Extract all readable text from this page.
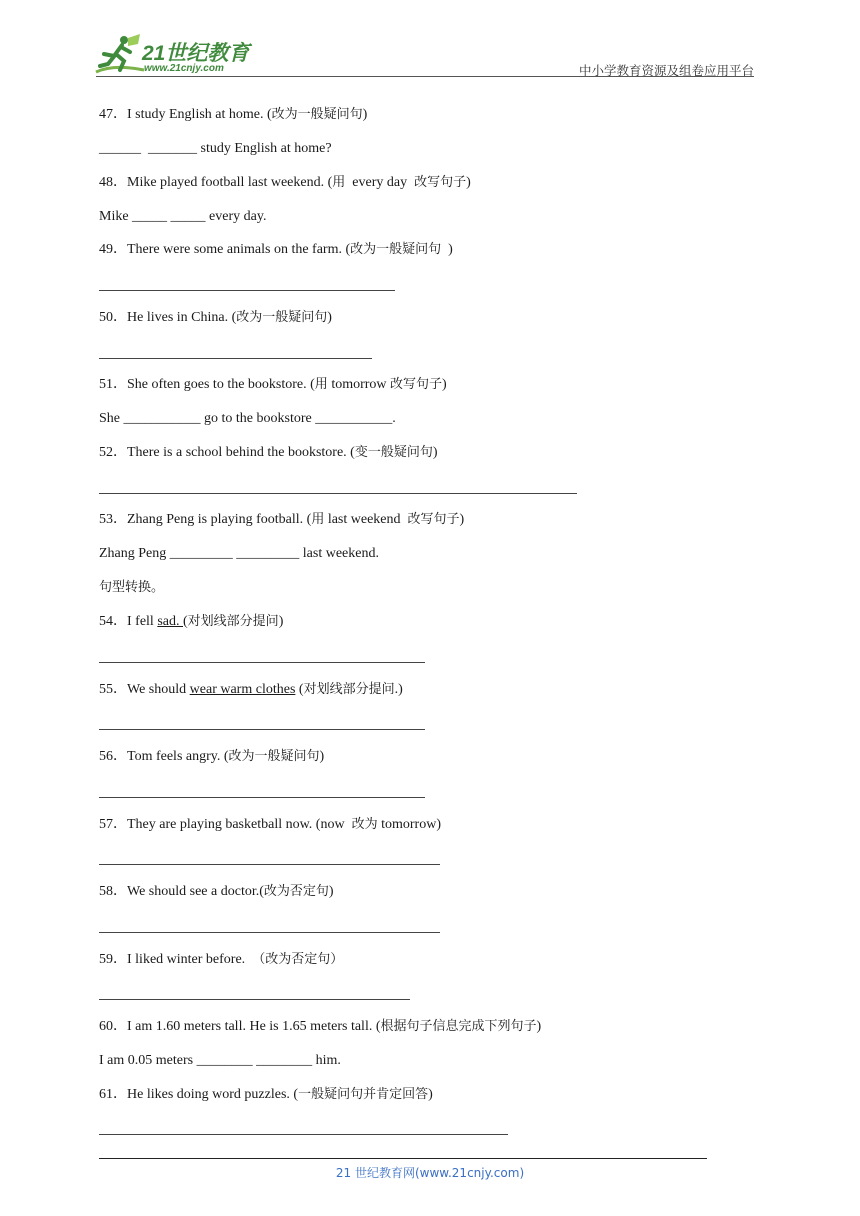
21世纪教育
www.21cnjy.com	中小学教育资源及组卷应用平台
47．I study English at home. (改为一般疑问句)
______  _______ study English at home?
48．Mike played football last weekend. (用  every day  改写句子)
Mike _____ _____ every day.
49．There were some animals on the farm. (改为一般疑问句  )
50．He lives in China. (改为一般疑问句)
51．She often goes to the bookstore. (用 tomorrow 改写句子)
She ___________ go to the bookstore ___________.
52．There is a school behind the bookstore. (变一般疑问句)
53．Zhang Peng is playing football. (用 last weekend  改写句子)
Zhang Peng _________ _________ last weekend.
句型转换。
54．I fell sad. (对划线部分提问)
55．We should wear warm clothes (对划线部分提问.)
56．Tom feels angry. (改为一般疑问句)
57．They are playing basketball now. (now  改为 tomorrow)
58．We should see a doctor.(改为否定句)
59．I liked winter before.  （改为否定句）
60．I am 1.60 meters tall. He is 1.65 meters tall. (根据句子信息完成下列句子)
I am 0.05 meters ________ ________ him.
61．He likes doing word puzzles. (一般疑问句并肯定回答)
21 世纪教育网(www.21cnjy.com)
